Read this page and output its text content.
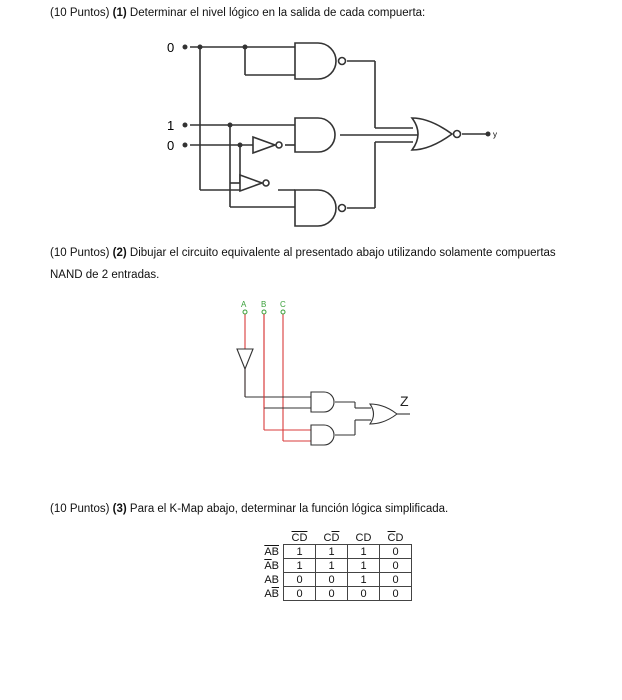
(10 Puntos) (1) Determinar el nivel lógico en la salida de cada compuerta:

0
1
0
y
A B C
Z

(10 Puntos) (2) Dibujar el circuito equivalente al presentado abajo utilizando solamente compuertas
NAND de 2 entradas.

(10 Puntos) (3) Para el K-Map abajo, determinar la función lógica simplificada.

	$\overline{CD}$	$C\overline{D}$	CD	$\overline{C}D$
$\overline{AB}$	1	1	1	0
$\overline{A}B$	1	1	1	0
AB	0	0	1	0
$A\overline{B}$	0	0	0	0
